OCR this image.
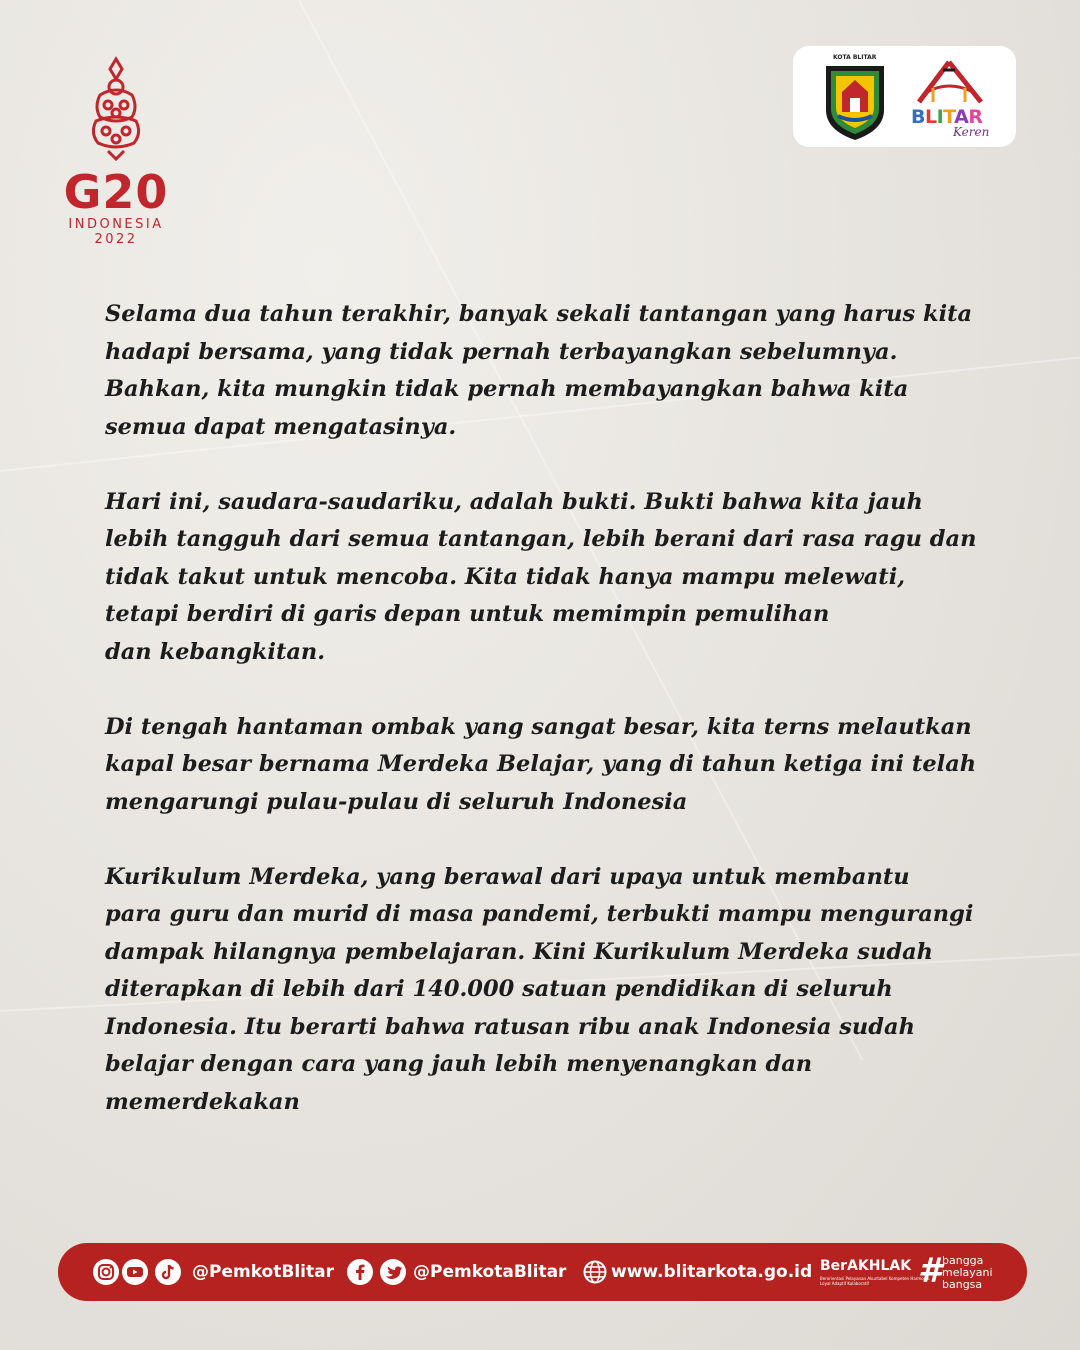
G20
INDONESIA
2022
KOTA BLITAR
BLITAR
Keren

Selama dua tahun terakhir, banyak sekali tantangan yang harus kita
hadapi bersama, yang tidak pernah terbayangkan sebelumnya.
Bahkan, kita mungkin tidak pernah membayangkan bahwa kita
semua dapat mengatasinya.

Hari ini, saudara-saudariku, adalah bukti. Bukti bahwa kita jauh
lebih tangguh dari semua tantangan, lebih berani dari rasa ragu dan
tidak takut untuk mencoba. Kita tidak hanya mampu melewati,
tetapi berdiri di garis depan untuk memimpin pemulihan
dan kebangkitan.

Di tengah hantaman ombak yang sangat besar, kita terns melautkan
kapal besar bernama Merdeka Belajar, yang di tahun ketiga ini telah
mengarungi pulau-pulau di seluruh Indonesia

Kurikulum Merdeka, yang berawal dari upaya untuk membantu
para guru dan murid di masa pandemi, terbukti mampu mengurangi
dampak hilangnya pembelajaran. Kini Kurikulum Merdeka sudah
diterapkan di lebih dari 140.000 satuan pendidikan di seluruh
Indonesia. Itu berarti bahwa ratusan ribu anak Indonesia sudah
belajar dengan cara yang jauh lebih menyenangkan dan
memerdekakan

@PemkotBlitar	@PemkotaBlitar	www.blitarkota.go.id BerAKHLAK
Berorientasi Pelayanan Akuntabel Kompeten Harmonis Loyal Adaptif Kolaboratif	# bangga
melayani
bangsa
